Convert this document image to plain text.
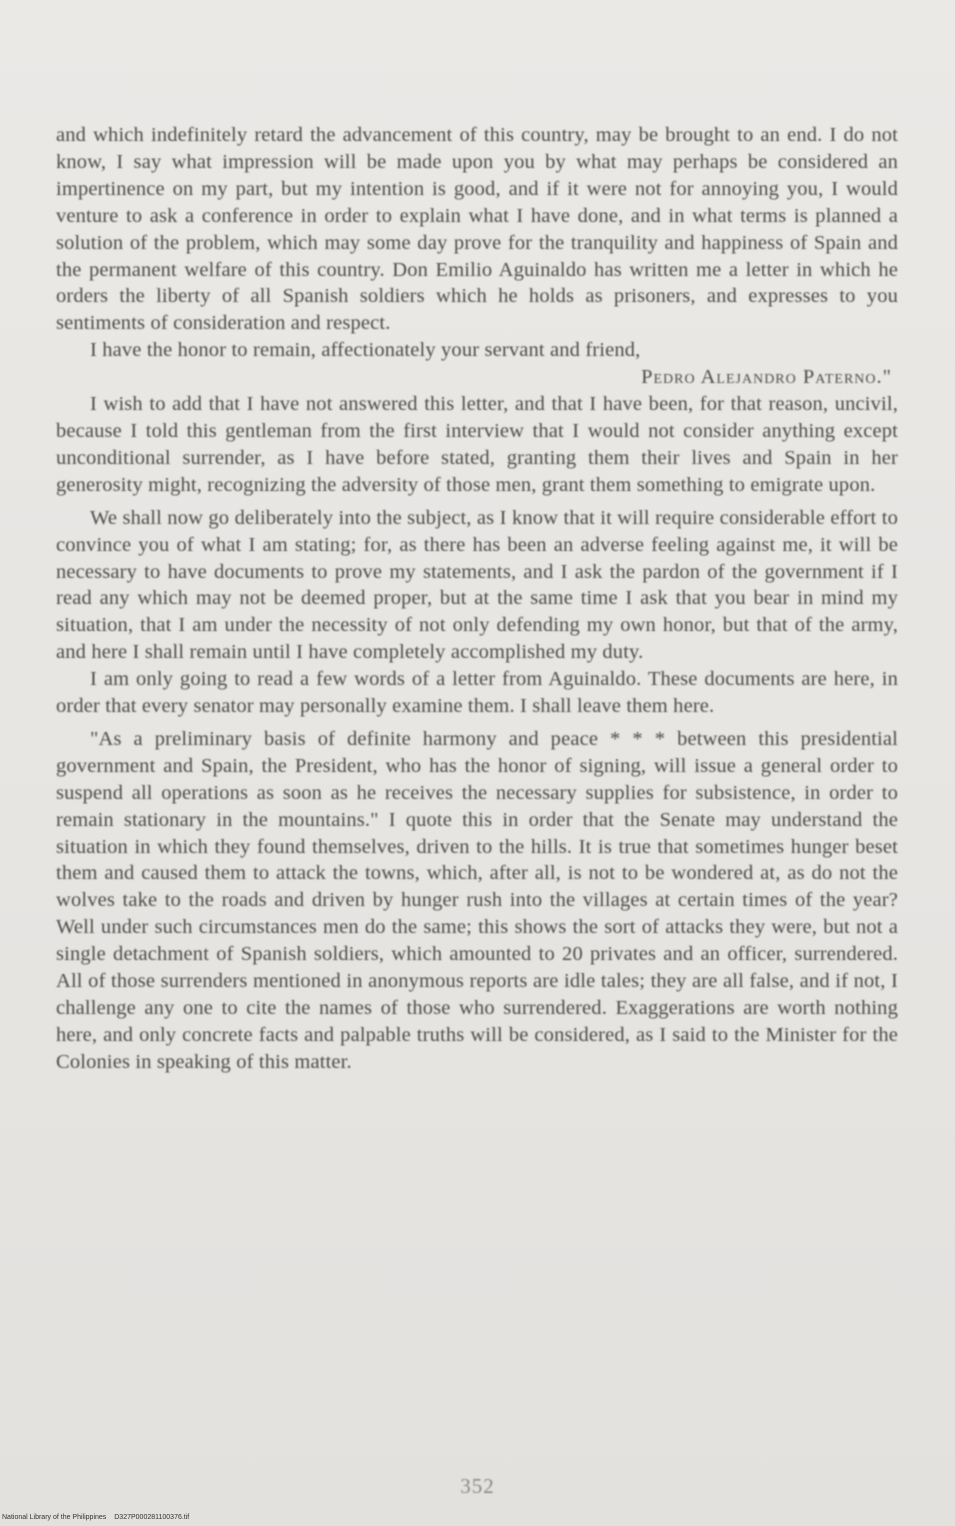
and which indefinitely retard the advancement of this country, may be brought to an end. I do not know, I say what impression will be made upon you by what may perhaps be considered an impertinence on my part, but my intention is good, and if it were not for annoying you, I would venture to ask a conference in order to explain what I have done, and in what terms is planned a solution of the problem, which may some day prove for the tranquility and happiness of Spain and the permanent welfare of this country. Don Emilio Aguinaldo has written me a letter in which he orders the liberty of all Spanish soldiers which he holds as prisoners, and expresses to you sentiments of consideration and respect.

I have the honor to remain, affectionately your servant and friend,

Pedro Alejandro Paterno."

I wish to add that I have not answered this letter, and that I have been, for that reason, uncivil, because I told this gentleman from the first interview that I would not consider anything except unconditional surrender, as I have before stated, granting them their lives and Spain in her generosity might, recognizing the adversity of those men, grant them something to emigrate upon.

We shall now go deliberately into the subject, as I know that it will require considerable effort to convince you of what I am stating; for, as there has been an adverse feeling against me, it will be necessary to have documents to prove my statements, and I ask the pardon of the government if I read any which may not be deemed proper, but at the same time I ask that you bear in mind my situation, that I am under the necessity of not only defending my own honor, but that of the army, and here I shall remain until I have completely accomplished my duty.

I am only going to read a few words of a letter from Aguinaldo. These documents are here, in order that every senator may personally examine them. I shall leave them here.

"As a preliminary basis of definite harmony and peace * * * between this presidential government and Spain, the President, who has the honor of signing, will issue a general order to suspend all operations as soon as he receives the necessary supplies for subsistence, in order to remain stationary in the mountains." I quote this in order that the Senate may understand the situation in which they found themselves, driven to the hills. It is true that sometimes hunger beset them and caused them to attack the towns, which, after all, is not to be wondered at, as do not the wolves take to the roads and driven by hunger rush into the villages at certain times of the year? Well under such circumstances men do the same; this shows the sort of attacks they were, but not a single detachment of Spanish soldiers, which amounted to 20 privates and an officer, surrendered. All of those surrenders mentioned in anonymous reports are idle tales; they are all false, and if not, I challenge any one to cite the names of those who surrendered. Exaggerations are worth nothing here, and only concrete facts and palpable truths will be considered, as I said to the Minister for the Colonies in speaking of this matter.

352
National Library of the Philippines D327P000281100376.tif
